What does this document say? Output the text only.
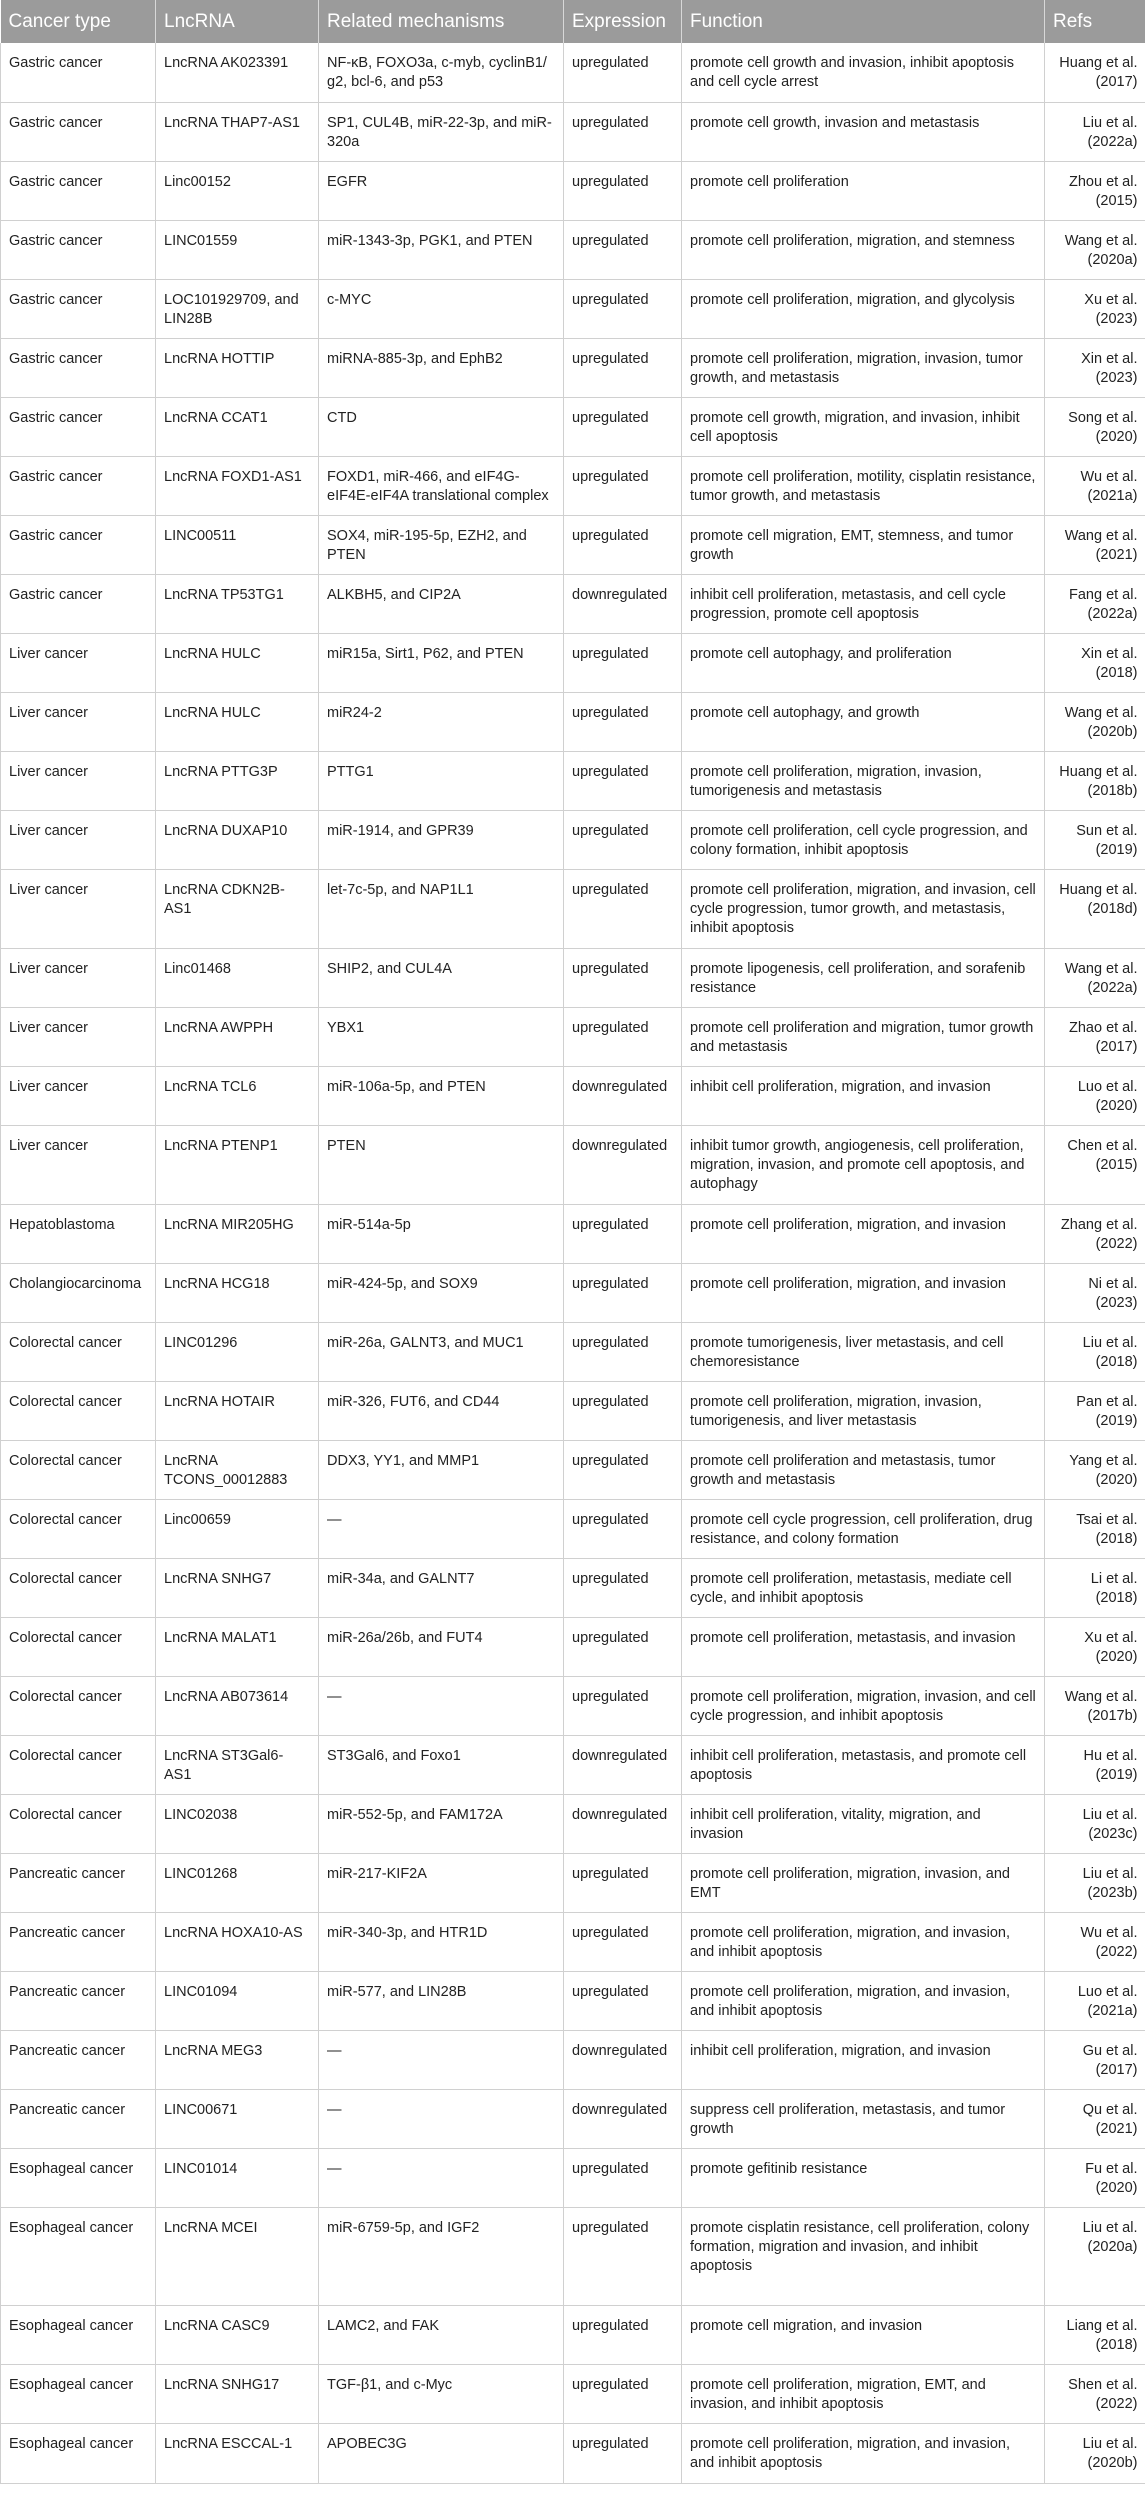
Cancer type	LncRNA	Related mechanisms	Expression	Function	Refs
Gastric cancer	LncRNA AK023391	NF-κB, FOXO3a, c-myb, cyclinB1/ g2, bcl-6, and p53	upregulated	promote cell growth and invasion, inhibit apoptosis and cell cycle arrest	Huang et al. (2017)
Gastric cancer	LncRNA THAP7-AS1	SP1, CUL4B, miR-22-3p, and miR-320a	upregulated	promote cell growth, invasion and metastasis	Liu et al. (2022a)
Gastric cancer	Linc00152	EGFR	upregulated	promote cell proliferation	Zhou et al. (2015)
Gastric cancer	LINC01559	miR-1343-3p, PGK1, and PTEN	upregulated	promote cell proliferation, migration, and stemness	Wang et al. (2020a)
Gastric cancer	LOC101929709, and LIN28B	c-MYC	upregulated	promote cell proliferation, migration, and glycolysis	Xu et al. (2023)
Gastric cancer	LncRNA HOTTIP	miRNA-885-3p, and EphB2	upregulated	promote cell proliferation, migration, invasion, tumor growth, and metastasis	Xin et al. (2023)
Gastric cancer	LncRNA CCAT1	CTD	upregulated	promote cell growth, migration, and invasion, inhibit cell apoptosis	Song et al. (2020)
Gastric cancer	LncRNA FOXD1-AS1	FOXD1, miR-466, and eIF4G-eIF4E-eIF4A translational complex	upregulated	promote cell proliferation, motility, cisplatin resistance, tumor growth, and metastasis	Wu et al. (2021a)
Gastric cancer	LINC00511	SOX4, miR-195-5p, EZH2, and PTEN	upregulated	promote cell migration, EMT, stemness, and tumor growth	Wang et al. (2021)
Gastric cancer	LncRNA TP53TG1	ALKBH5, and CIP2A	downregulated	inhibit cell proliferation, metastasis, and cell cycle progression, promote cell apoptosis	Fang et al. (2022a)
Liver cancer	LncRNA HULC	miR15a, Sirt1, P62, and PTEN	upregulated	promote cell autophagy, and proliferation	Xin et al. (2018)
Liver cancer	LncRNA HULC	miR24-2	upregulated	promote cell autophagy, and growth	Wang et al. (2020b)
Liver cancer	LncRNA PTTG3P	PTTG1	upregulated	promote cell proliferation, migration, invasion, tumorigenesis and metastasis	Huang et al. (2018b)
Liver cancer	LncRNA DUXAP10	miR-1914, and GPR39	upregulated	promote cell proliferation, cell cycle progression, and colony formation, inhibit apoptosis	Sun et al. (2019)
Liver cancer	LncRNA CDKN2B-AS1	let-7c-5p, and NAP1L1	upregulated	promote cell proliferation, migration, and invasion, cell cycle progression, tumor growth, and metastasis, inhibit apoptosis	Huang et al. (2018d)
Liver cancer	Linc01468	SHIP2, and CUL4A	upregulated	promote lipogenesis, cell proliferation, and sorafenib resistance	Wang et al. (2022a)
Liver cancer	LncRNA AWPPH	YBX1	upregulated	promote cell proliferation and migration, tumor growth and metastasis	Zhao et al. (2017)
Liver cancer	LncRNA TCL6	miR-106a-5p, and PTEN	downregulated	inhibit cell proliferation, migration, and invasion	Luo et al. (2020)
Liver cancer	LncRNA PTENP1	PTEN	downregulated	inhibit tumor growth, angiogenesis, cell proliferation, migration, invasion, and promote cell apoptosis, and autophagy	Chen et al. (2015)
Hepatoblastoma	LncRNA MIR205HG	miR-514a-5p	upregulated	promote cell proliferation, migration, and invasion	Zhang et al. (2022)
Cholangiocarcinoma	LncRNA HCG18	miR-424-5p, and SOX9	upregulated	promote cell proliferation, migration, and invasion	Ni et al. (2023)
Colorectal cancer	LINC01296	miR-26a, GALNT3, and MUC1	upregulated	promote tumorigenesis, liver metastasis, and cell chemoresistance	Liu et al. (2018)
Colorectal cancer	LncRNA HOTAIR	miR-326, FUT6, and CD44	upregulated	promote cell proliferation, migration, invasion, tumorigenesis, and liver metastasis	Pan et al. (2019)
Colorectal cancer	LncRNA TCONS_00012883	DDX3, YY1, and MMP1	upregulated	promote cell proliferation and metastasis, tumor growth and metastasis	Yang et al. (2020)
Colorectal cancer	Linc00659	—	upregulated	promote cell cycle progression, cell proliferation, drug resistance, and colony formation	Tsai et al. (2018)
Colorectal cancer	LncRNA SNHG7	miR-34a, and GALNT7	upregulated	promote cell proliferation, metastasis, mediate cell cycle, and inhibit apoptosis	Li et al. (2018)
Colorectal cancer	LncRNA MALAT1	miR-26a/26b, and FUT4	upregulated	promote cell proliferation, metastasis, and invasion	Xu et al. (2020)
Colorectal cancer	LncRNA AB073614	—	upregulated	promote cell proliferation, migration, invasion, and cell cycle progression, and inhibit apoptosis	Wang et al. (2017b)
Colorectal cancer	LncRNA ST3Gal6-AS1	ST3Gal6, and Foxo1	downregulated	inhibit cell proliferation, metastasis, and promote cell apoptosis	Hu et al. (2019)
Colorectal cancer	LINC02038	miR-552-5p, and FAM172A	downregulated	inhibit cell proliferation, vitality, migration, and invasion	Liu et al. (2023c)
Pancreatic cancer	LINC01268	miR-217-KIF2A	upregulated	promote cell proliferation, migration, invasion, and EMT	Liu et al. (2023b)
Pancreatic cancer	LncRNA HOXA10-AS	miR-340-3p, and HTR1D	upregulated	promote cell proliferation, migration, and invasion, and inhibit apoptosis	Wu et al. (2022)
Pancreatic cancer	LINC01094	miR-577, and LIN28B	upregulated	promote cell proliferation, migration, and invasion, and inhibit apoptosis	Luo et al. (2021a)
Pancreatic cancer	LncRNA MEG3	—	downregulated	inhibit cell proliferation, migration, and invasion	Gu et al. (2017)
Pancreatic cancer	LINC00671	—	downregulated	suppress cell proliferation, metastasis, and tumor growth	Qu et al. (2021)
Esophageal cancer	LINC01014	—	upregulated	promote gefitinib resistance	Fu et al. (2020)
Esophageal cancer	LncRNA MCEI	miR-6759-5p, and IGF2	upregulated	promote cisplatin resistance, cell proliferation, colony formation, migration and invasion, and inhibit apoptosis	Liu et al. (2020a)
Esophageal cancer	LncRNA CASC9	LAMC2, and FAK	upregulated	promote cell migration, and invasion	Liang et al. (2018)
Esophageal cancer	LncRNA SNHG17	TGF-β1, and c-Myc	upregulated	promote cell proliferation, migration, EMT, and invasion, and inhibit apoptosis	Shen et al. (2022)
Esophageal cancer	LncRNA ESCCAL-1	APOBEC3G	upregulated	promote cell proliferation, migration, and invasion, and inhibit apoptosis	Liu et al. (2020b)
